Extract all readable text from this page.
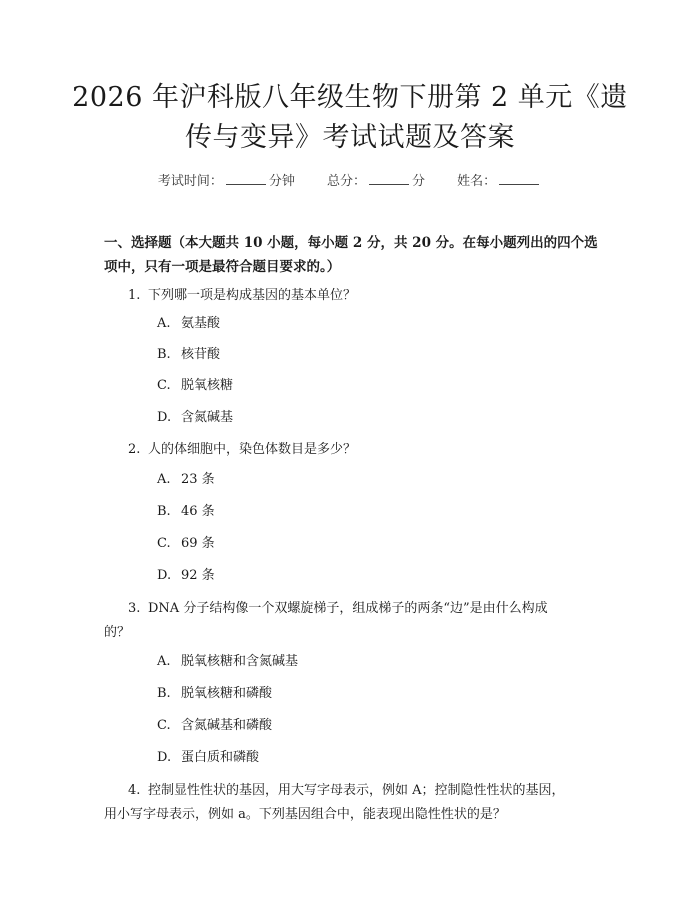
2026 年沪科版八年级生物下册第 2 单元《遗
传与变异》考试试题及答案
考试时间：	分钟 总分：	分 姓名：
一、选择题（本大题共 10 小题，每小题 2 分，共 20 分。在每小题列出的四个选
项中，只有一项是最符合题目要求的。）
1. 下列哪一项是构成基因的基本单位？
A. 氨基酸
B. 核苷酸
C. 脱氧核糖
D. 含氮碱基
2. 人的体细胞中，染色体数目是多少？
A. 23 条
B. 46 条
C. 69 条
D. 92 条
3. DNA 分子结构像一个双螺旋梯子，组成梯子的两条“边”是由什么构成
的？
A. 脱氧核糖和含氮碱基
B. 脱氧核糖和磷酸
C. 含氮碱基和磷酸
D. 蛋白质和磷酸
4. 控制显性性状的基因，用大写字母表示，例如 A；控制隐性性状的基因，
用小写字母表示，例如 a。下列基因组合中，能表现出隐性性状的是？
